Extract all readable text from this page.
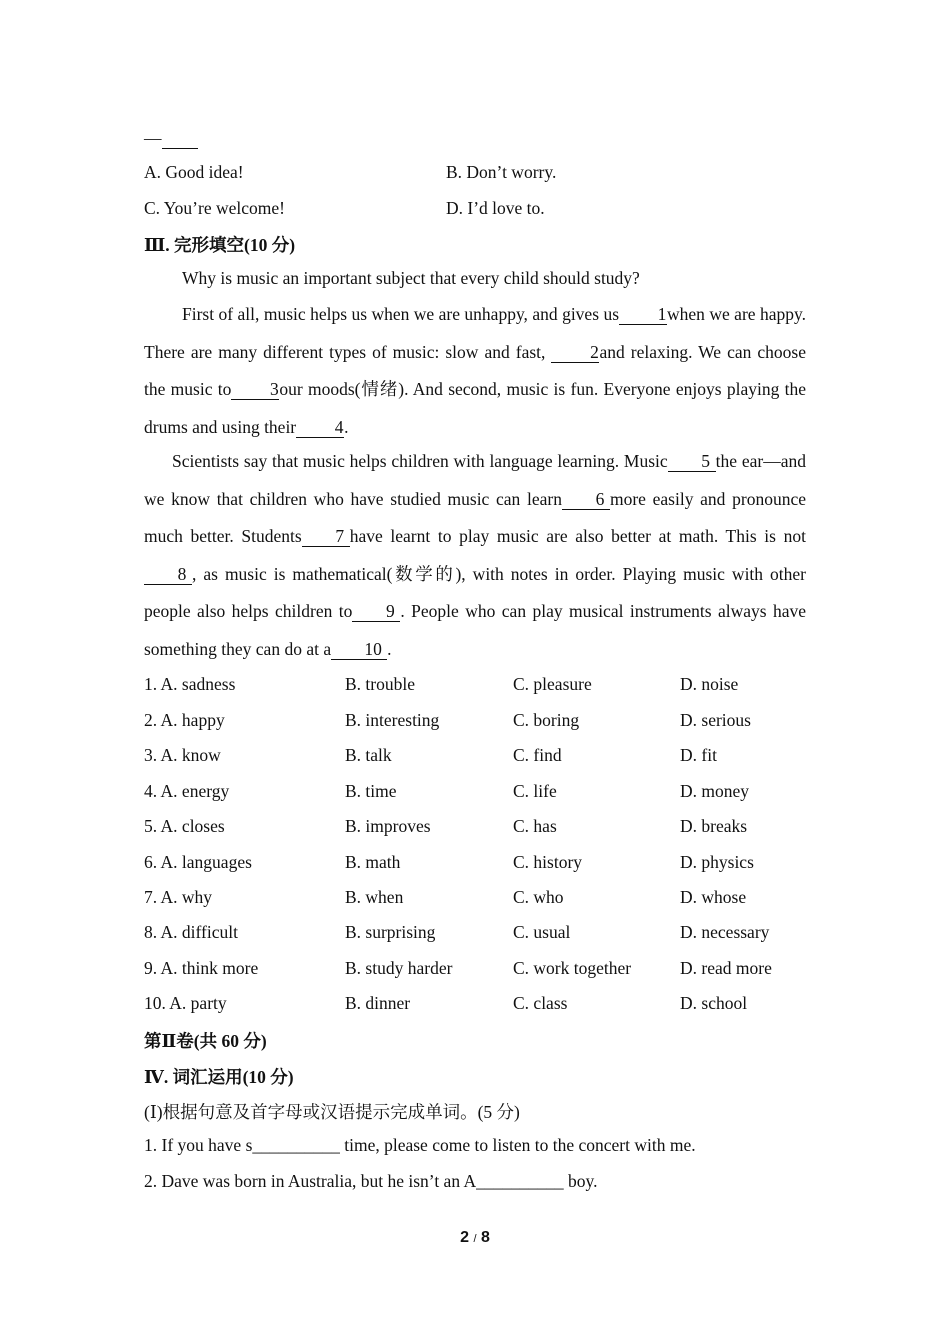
—
A. Good idea!	B. Don’t worry.
C. You’re welcome!	D. I’d love to.
Ⅲ. 完形填空(10 分)
Why is music an important subject that every child should study?

First of all, music helps us when we are unhappy, and gives us 1when we are happy. There are many different types of music: slow and fast, 2and relaxing. We can choose the music to 3our moods(情绪). And second, music is fun. Everyone enjoys playing the drums and using their 4.

Scientists say that music helps children with language learning. Music 5 the ear—and we know that children who have studied music can learn 6 more easily and pronounce much better. Students 7 have learnt to play music are also better at math. This is not8 , as music is mathematical(数学的), with notes in order. Playing music with other people also helps children to 9 . People who can play musical instruments always have something they can do at a 10 .

1. A. sadness	B. trouble	C. pleasure	D. noise
2. A. happy	B. interesting	C. boring	D. serious
3. A. know	B. talk	C. find	D. fit
4. A. energy	B. time	C. life	D. money
5. A. closes	B. improves	C. has	D. breaks
6. A. languages	B. math	C. history	D. physics
7. A. why	B. when	C. who	D. whose
8. A. difficult	B. surprising	C. usual	D. necessary
9. A. think more	B. study harder	C. work together	D. read more
10. A. party	B. dinner	C. class	D. school
第Ⅱ卷(共 60 分)
Ⅳ. 词汇运用(10 分)
(Ⅰ)根据句意及首字母或汉语提示完成单词。(5 分)
1. If you have s__________ time, please come to listen to the concert with me.
2. Dave was born in Australia, but he isn’t an A__________ boy.
2 / 8
